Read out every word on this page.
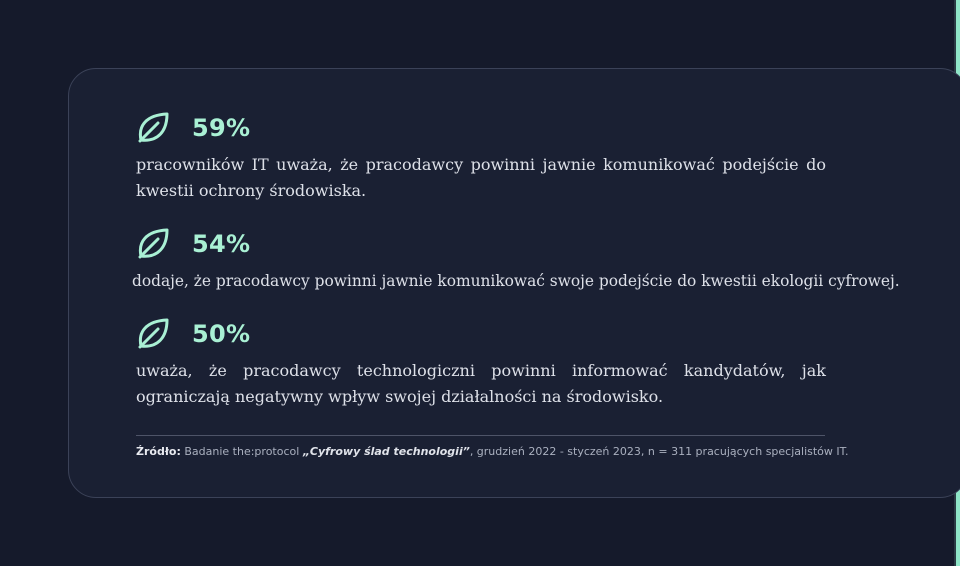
59%

pracowników IT uważa, że pracodawcy powinni jawnie komunikować podejście do kwestii ochrony środowiska.

54%

dodaje, że pracodawcy powinni jawnie komunikować swoje podejście do kwestii ekologii cyfrowej.

50%

uważa, że pracodawcy technologiczni powinni informować kandydatów, jak ograniczają negatywny wpływ swojej działalności na środowisko.

Źródło: Badanie the:protocol „Cyfrowy ślad technologii”, grudzień 2022 - styczeń 2023, n = 311 pracujących specjalistów IT.
